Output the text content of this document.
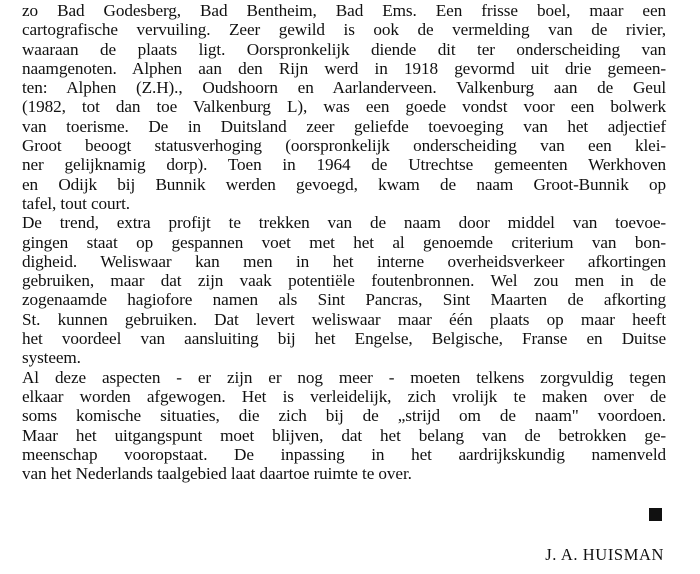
zo Bad Godesberg, Bad Bentheim, Bad Ems. Een frisse boel, maar een
cartografische vervuiling. Zeer gewild is ook de vermelding van de rivier,
waaraan de plaats ligt. Oorspronkelijk diende dit ter onderscheiding van
naamgenoten. Alphen aan den Rijn werd in 1918 gevormd uit drie gemeen-
ten: Alphen (Z.H)., Oudshoorn en Aarlanderveen. Valkenburg aan de Geul
(1982, tot dan toe Valkenburg L), was een goede vondst voor een bolwerk
van toerisme. De in Duitsland zeer geliefde toevoeging van het adjectief
Groot beoogt statusverhoging (oorspronkelijk onderscheiding van een klei-
ner gelijknamig dorp). Toen in 1964 de Utrechtse gemeenten Werkhoven
en Odijk bij Bunnik werden gevoegd, kwam de naam Groot-Bunnik op
tafel, tout court.
De trend, extra profijt te trekken van de naam door middel van toevoe-
gingen staat op gespannen voet met het al genoemde criterium van bon-
digheid. Weliswaar kan men in het interne overheidsverkeer afkortingen
gebruiken, maar dat zijn vaak potentiële foutenbronnen. Wel zou men in de
zogenaamde hagiofore namen als Sint Pancras, Sint Maarten de afkorting
St. kunnen gebruiken. Dat levert weliswaar maar één plaats op maar heeft
het voordeel van aansluiting bij het Engelse, Belgische, Franse en Duitse
systeem.
Al deze aspecten - er zijn er nog meer - moeten telkens zorgvuldig tegen
elkaar worden afgewogen. Het is verleidelijk, zich vrolijk te maken over de
soms komische situaties, die zich bij de „strijd om de naam" voordoen.
Maar het uitgangspunt moet blijven, dat het belang van de betrokken ge-
meenschap vooropstaat. De inpassing in het aardrijkskundig namenveld
van het Nederlands taalgebied laat daartoe ruimte te over.
J. A. HUISMAN
